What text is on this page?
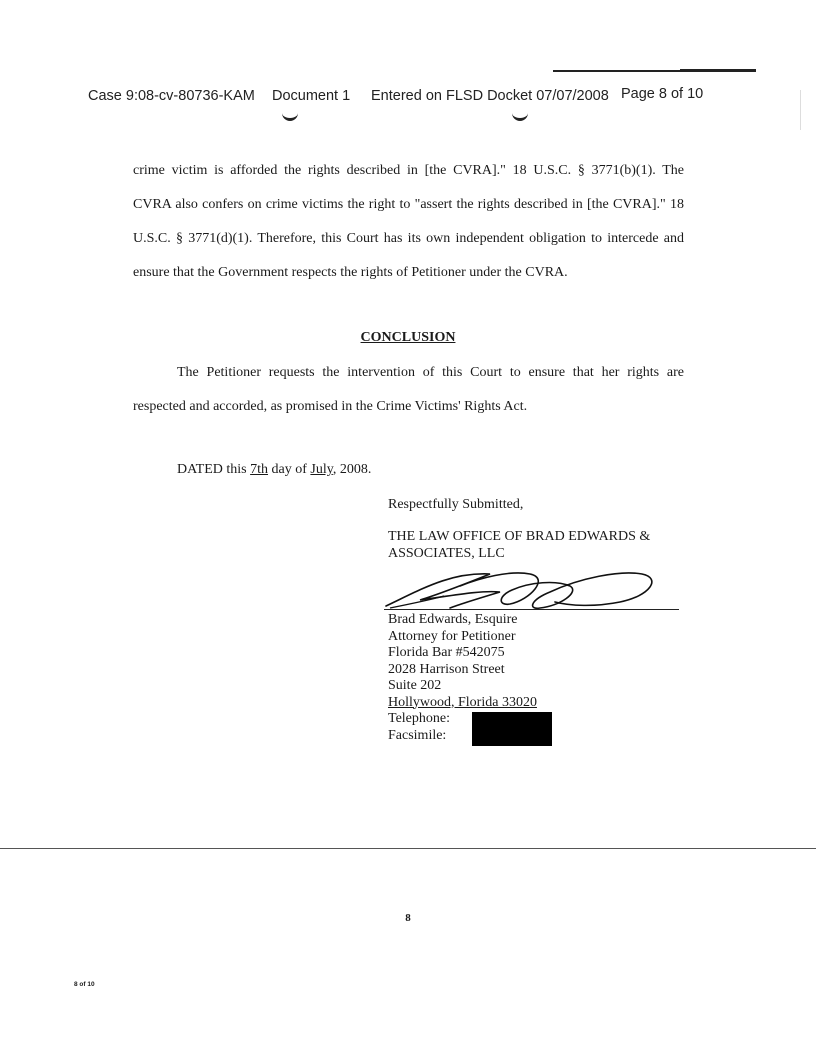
Case 9:08-cv-80736-KAM Document 1 Entered on FLSD Docket 07/07/2008 Page 8 of 10
crime victim is afforded the rights described in [the CVRA]." 18 U.S.C. § 3771(b)(1). The
CVRA also confers on crime victims the right to "assert the rights described in [the CVRA]." 18
U.S.C. § 3771(d)(1). Therefore, this Court has its own independent obligation to intercede and
ensure that the Government respects the rights of Petitioner under the CVRA.
CONCLUSION
The Petitioner requests the intervention of this Court to ensure that her rights are
respected and accorded, as promised in the Crime Victims' Rights Act.
DATED this 7th day of July, 2008.
Respectfully Submitted,
THE LAW OFFICE OF BRAD EDWARDS & ASSOCIATES, LLC
Brad Edwards, Esquire
Attorney for Petitioner
Florida Bar #542075
2028 Harrison Street
Suite 202
Hollywood, Florida 33020
Telephone:
Facsimile:
8
8 of 10
